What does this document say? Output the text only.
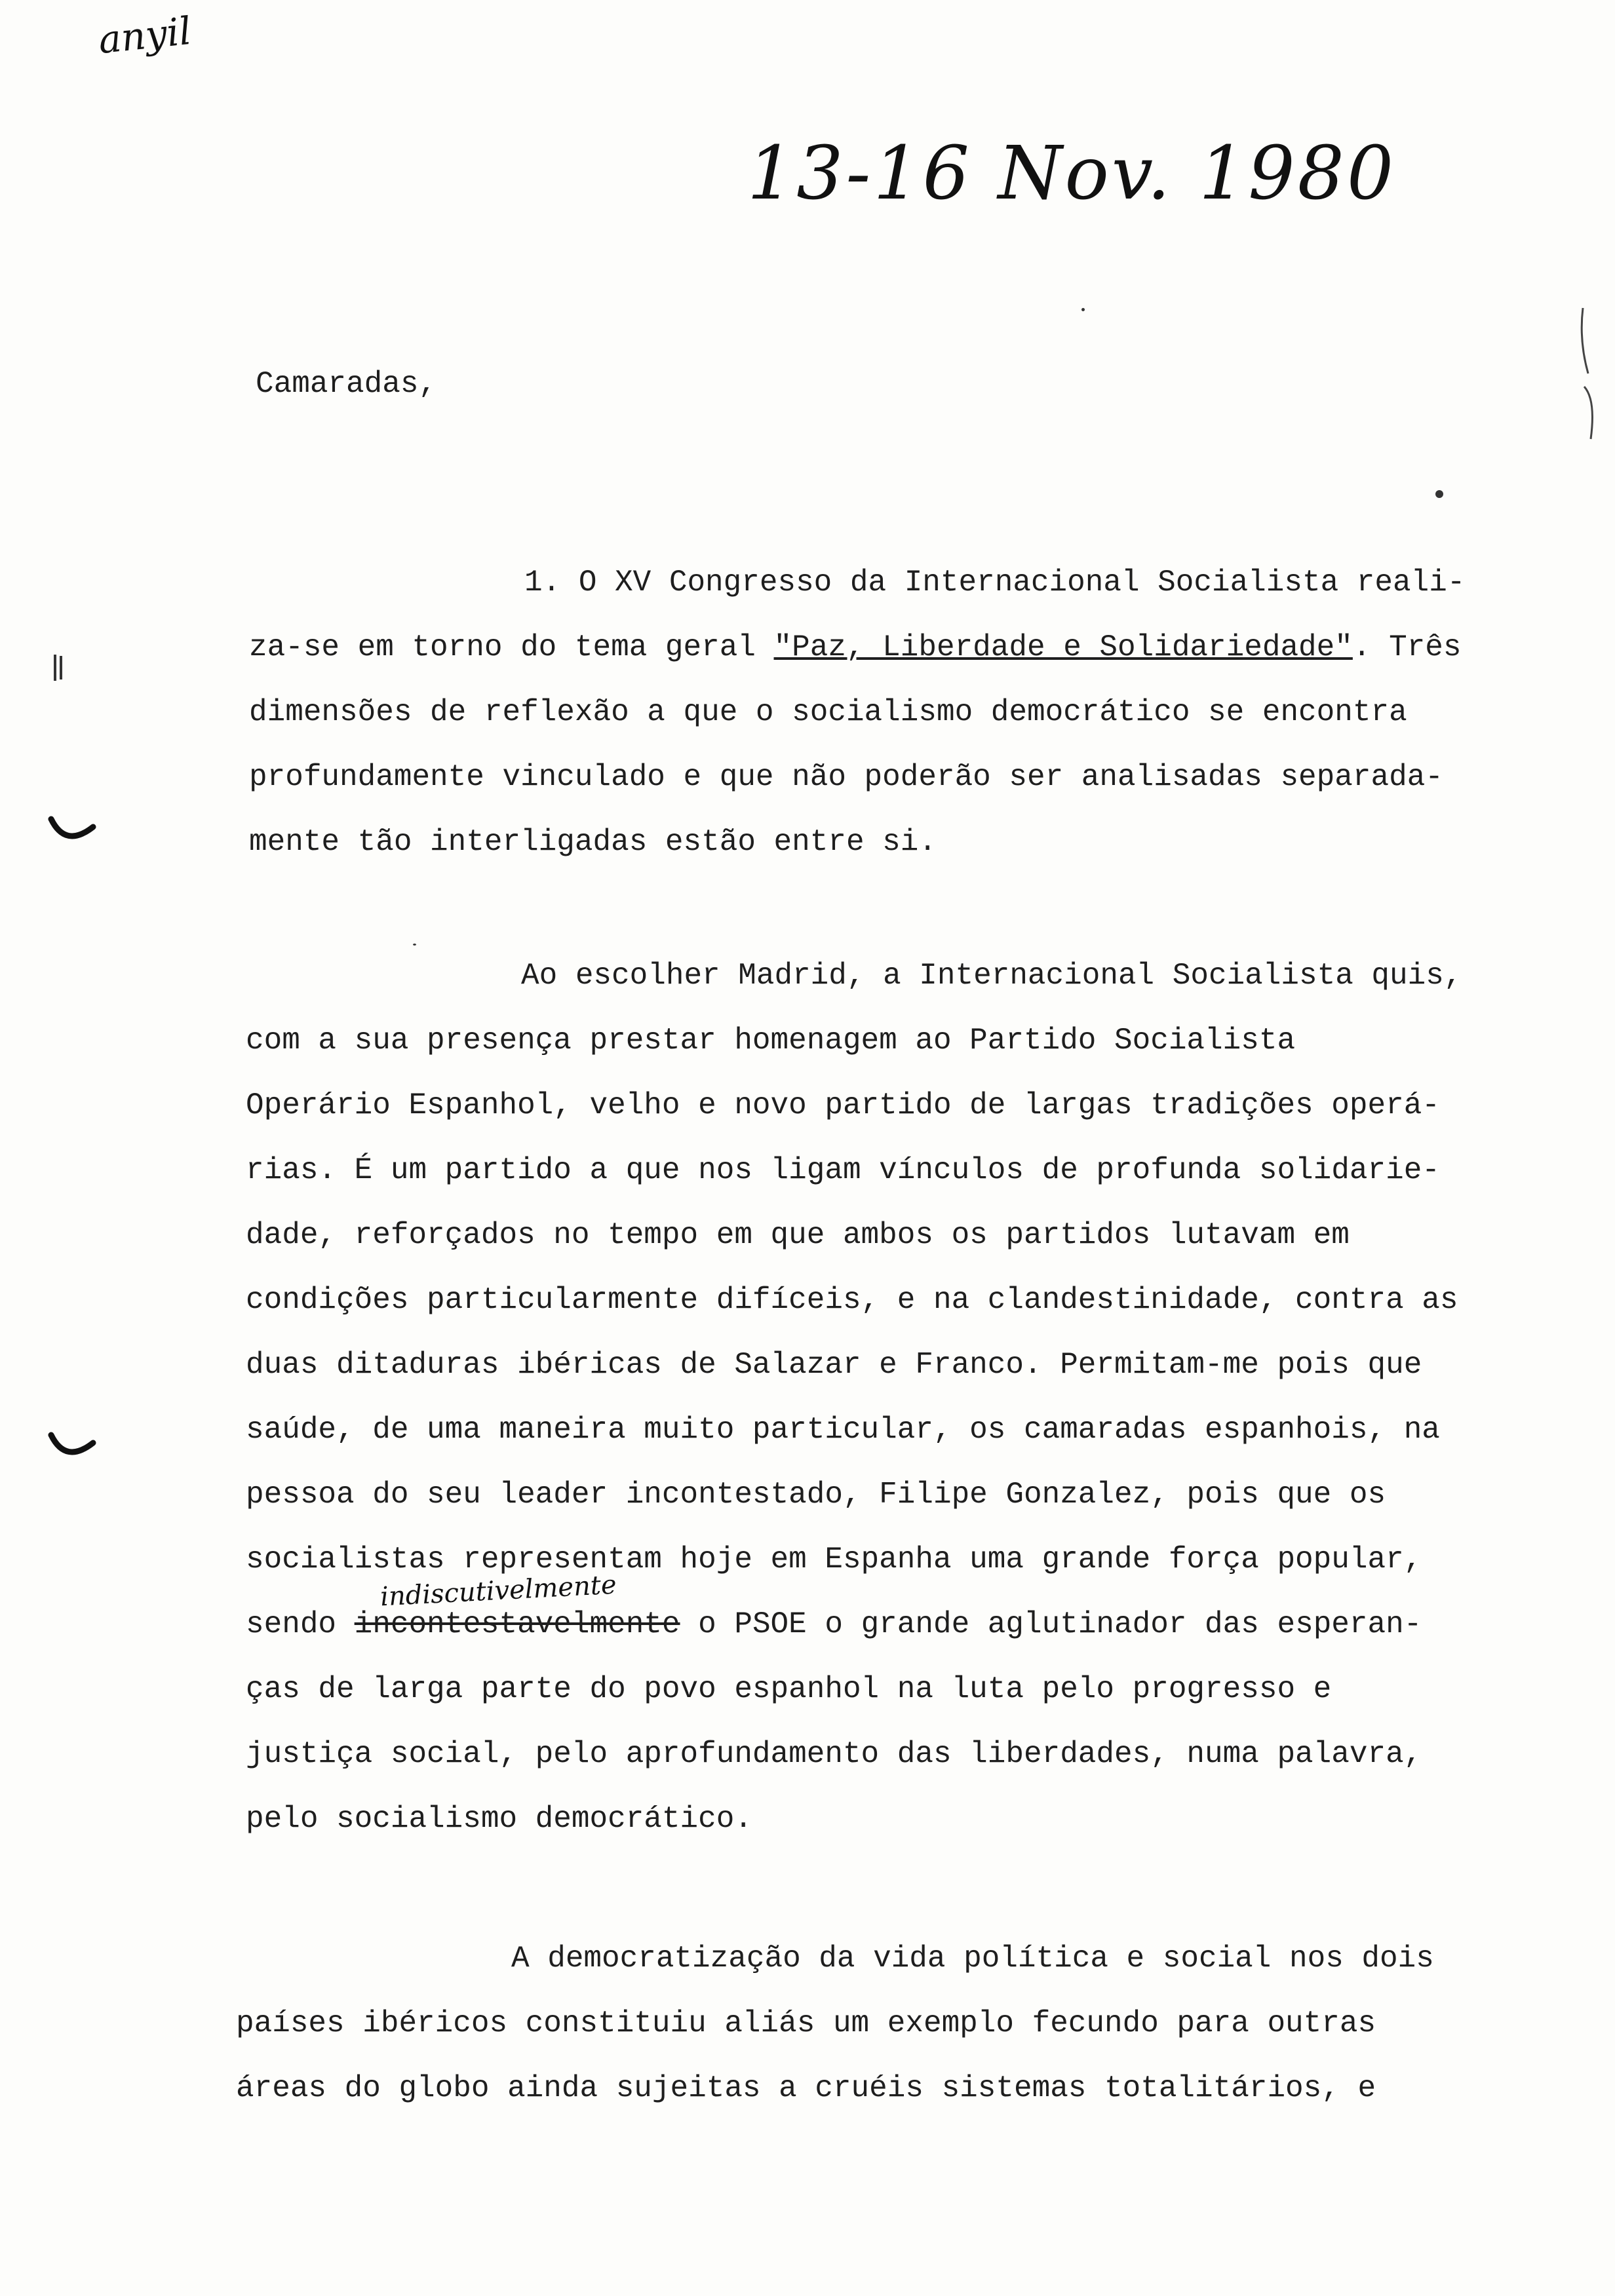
anyil
13-16 Nov. 1980
Camaradas,
1. O XV Congresso da Internacional Socialista reali-
za-se em torno do tema geral "Paz, Liberdade e Solidariedade". Três
dimensões de reflexão a que o socialismo democrático se encontra
profundamente vinculado e que não poderão ser analisadas separada-
mente tão interligadas estão entre si.
Ao escolher Madrid, a Internacional Socialista quis,
com a sua presença prestar homenagem ao Partido Socialista
Operário Espanhol, velho e novo partido de largas tradições operá-
rias. É um partido a que nos ligam vínculos de profunda solidarie-
dade, reforçados no tempo em que ambos os partidos lutavam em
condições particularmente difíceis, e na clandestinidade, contra as
duas ditaduras ibéricas de Salazar e Franco. Permitam-me pois que
saúde, de uma maneira muito particular, os camaradas espanhois, na
pessoa do seu leader incontestado, Filipe Gonzalez, pois que os
socialistas representam hoje em Espanha uma grande força popular,
sendo incontestavelmente o PSOE o grande aglutinador das esperan-
ças de larga parte do povo espanhol na luta pelo progresso e
justiça social, pelo aprofundamento das liberdades, numa palavra,
pelo socialismo democrático.
indiscutivelmente
A democratização da vida política e social nos dois
países ibéricos constituiu aliás um exemplo fecundo para outras
áreas do globo ainda sujeitas a cruéis sistemas totalitários, e
